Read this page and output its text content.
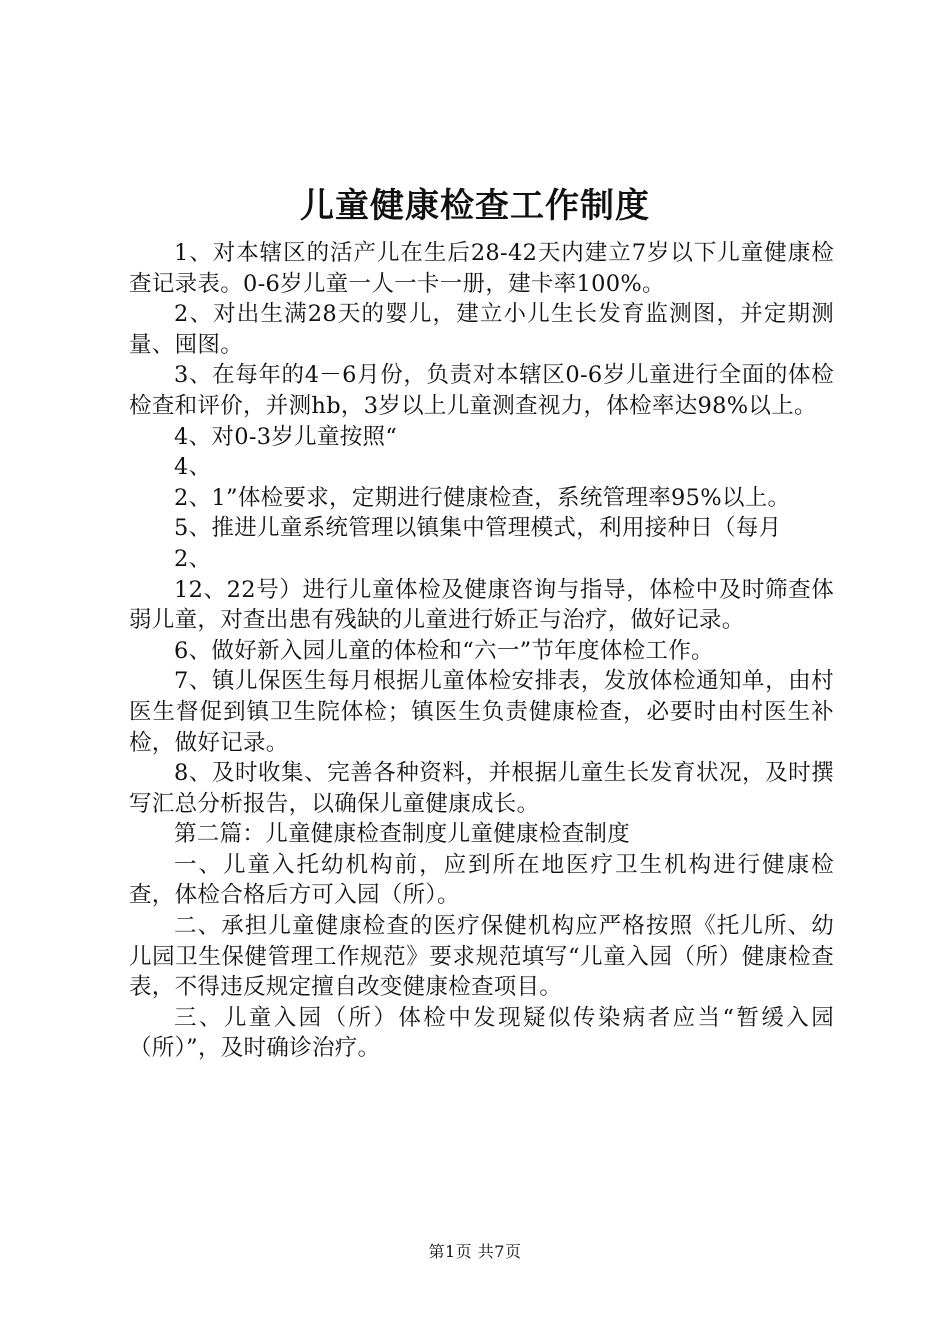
儿童健康检查工作制度

1、对本辖区的活产儿在生后28-42天内建立7岁以下儿童健康检查记录表。0-6岁儿童一人一卡一册，建卡率100%。

2、对出生满28天的婴儿，建立小儿生长发育监测图，并定期测量、囤图。

3、在每年的4－6月份，负责对本辖区0-6岁儿童进行全面的体检检查和评价，并测hb，3岁以上儿童测查视力，体检率达98%以上。

4、对0-3岁儿童按照“

4、

2、1”体检要求，定期进行健康检查，系统管理率95%以上。

5、推进儿童系统管理以镇集中管理模式，利用接种日（每月

2、

12、22号）进行儿童体检及健康咨询与指导，体检中及时筛查体弱儿童，对查出患有残缺的儿童进行娇正与治疗，做好记录。

6、做好新入园儿童的体检和“六一”节年度体检工作。

7、镇儿保医生每月根据儿童体检安排表，发放体检通知单，由村医生督促到镇卫生院体检；镇医生负责健康检查，必要时由村医生补检，做好记录。

8、及时收集、完善各种资料，并根据儿童生长发育状况，及时撰写汇总分析报告，以确保儿童健康成长。

第二篇：儿童健康检查制度儿童健康检查制度

一、儿童入托幼机构前，应到所在地医疗卫生机构进行健康检查，体检合格后方可入园（所）。

二、承担儿童健康检查的医疗保健机构应严格按照《托儿所、幼儿园卫生保健管理工作规范》要求规范填写“儿童入园（所）健康检查表，不得违反规定擅自改变健康检查项目。

三、儿童入园（所）体检中发现疑似传染病者应当“暂缓入园（所）”，及时确诊治疗。

第1页 共7页
